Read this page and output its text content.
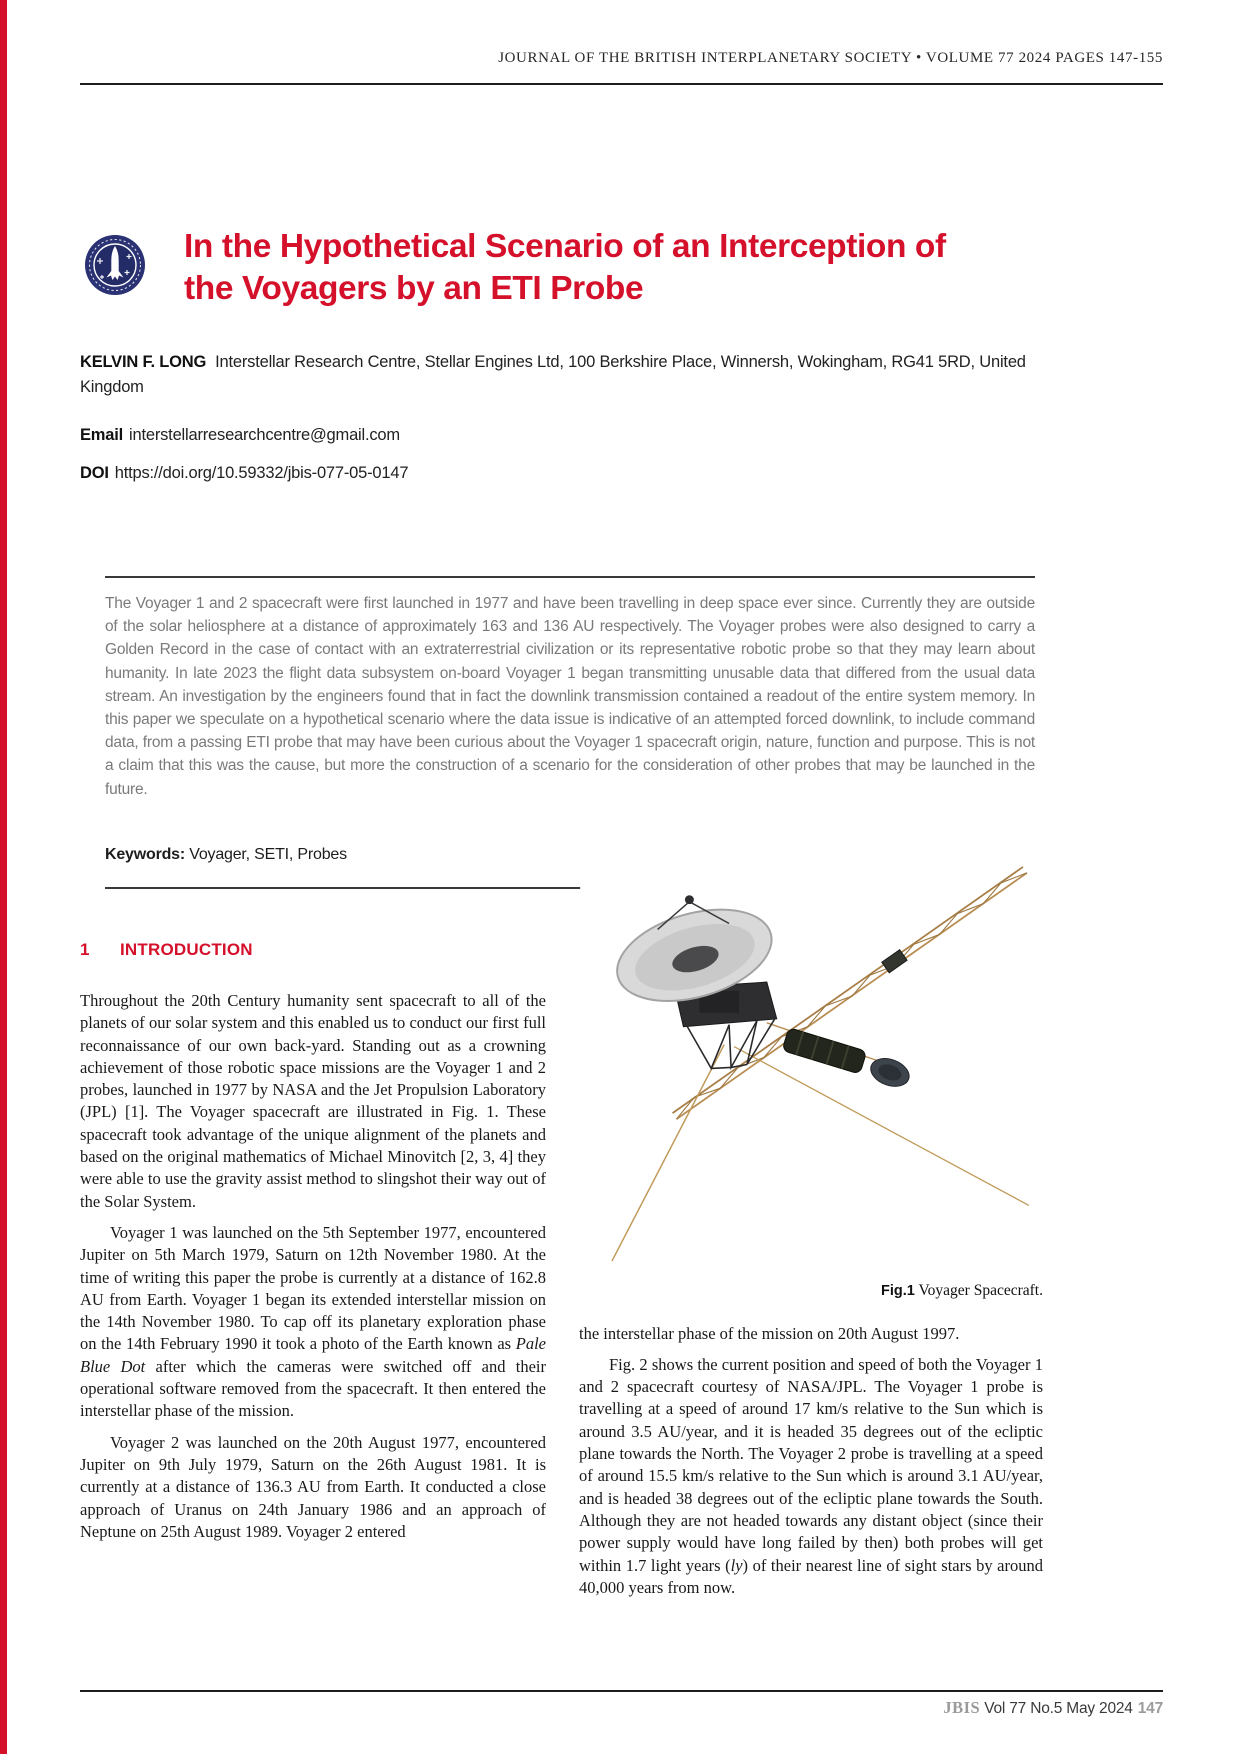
JOURNAL OF THE BRITISH INTERPLANETARY SOCIETY • VOLUME 77 2024 PAGES 147-155
In the Hypothetical Scenario of an Interception of
the Voyagers by an ETI Probe
KELVIN F. LONG Interstellar Research Centre, Stellar Engines Ltd, 100 Berkshire Place, Winnersh, Wokingham, RG41 5RD, United Kingdom
Email interstellarresearchcentre@gmail.com
DOI https://doi.org/10.59332/jbis-077-05-0147
The Voyager 1 and 2 spacecraft were first launched in 1977 and have been travelling in deep space ever since. Currently they are outside of the solar heliosphere at a distance of approximately 163 and 136 AU respectively. The Voyager probes were also designed to carry a Golden Record in the case of contact with an extraterrestrial civilization or its representative robotic probe so that they may learn about humanity. In late 2023 the flight data subsystem on-board Voyager 1 began transmitting unusable data that differed from the usual data stream. An investigation by the engineers found that in fact the downlink transmission contained a readout of the entire system memory. In this paper we speculate on a hypothetical scenario where the data issue is indicative of an attempted forced downlink, to include command data, from a passing ETI probe that may have been curious about the Voyager 1 spacecraft origin, nature, function and purpose. This is not a claim that this was the cause, but more the construction of a scenario for the consideration of other probes that may be launched in the future.
Keywords: Voyager, SETI, Probes
1 INTRODUCTION

Throughout the 20th Century humanity sent spacecraft to all of the planets of our solar system and this enabled us to conduct our first full reconnaissance of our own back-yard. Standing out as a crowning achievement of those robotic space missions are the Voyager 1 and 2 probes, launched in 1977 by NASA and the Jet Propulsion Laboratory (JPL) [1]. The Voyager spacecraft are illustrated in Fig. 1. These spacecraft took advantage of the unique alignment of the planets and based on the original mathematics of Michael Minovitch [2, 3, 4] they were able to use the gravity assist method to slingshot their way out of the Solar System.

Voyager 1 was launched on the 5th September 1977, encountered Jupiter on 5th March 1979, Saturn on 12th November 1980. At the time of writing this paper the probe is currently at a distance of 162.8 AU from Earth. Voyager 1 began its extended interstellar mission on the 14th November 1980. To cap off its planetary exploration phase on the 14th February 1990 it took a photo of the Earth known as Pale Blue Dot after which the cameras were switched off and their operational software removed from the spacecraft. It then entered the interstellar phase of the mission.

Voyager 2 was launched on the 20th August 1977, encountered Jupiter on 9th July 1979, Saturn on the 26th August 1981. It is currently at a distance of 136.3 AU from Earth. It conducted a close approach of Uranus on 24th January 1986 and an approach of Neptune on 25th August 1989. Voyager 2 entered

Fig.1 Voyager Spacecraft.

the interstellar phase of the mission on 20th August 1997.

Fig. 2 shows the current position and speed of both the Voyager 1 and 2 spacecraft courtesy of NASA/JPL. The Voyager 1 probe is travelling at a speed of around 17 km/s relative to the Sun which is around 3.5 AU/year, and it is headed 35 degrees out of the ecliptic plane towards the North. The Voyager 2 probe is travelling at a speed of around 15.5 km/s relative to the Sun which is around 3.1 AU/year, and is headed 38 degrees out of the ecliptic plane towards the South. Although they are not headed towards any distant object (since their power supply would have long failed by then) both probes will get within 1.7 light years (ly) of their nearest line of sight stars by around 40,000 years from now.

JBIS Vol 77 No.5 May 2024 147
